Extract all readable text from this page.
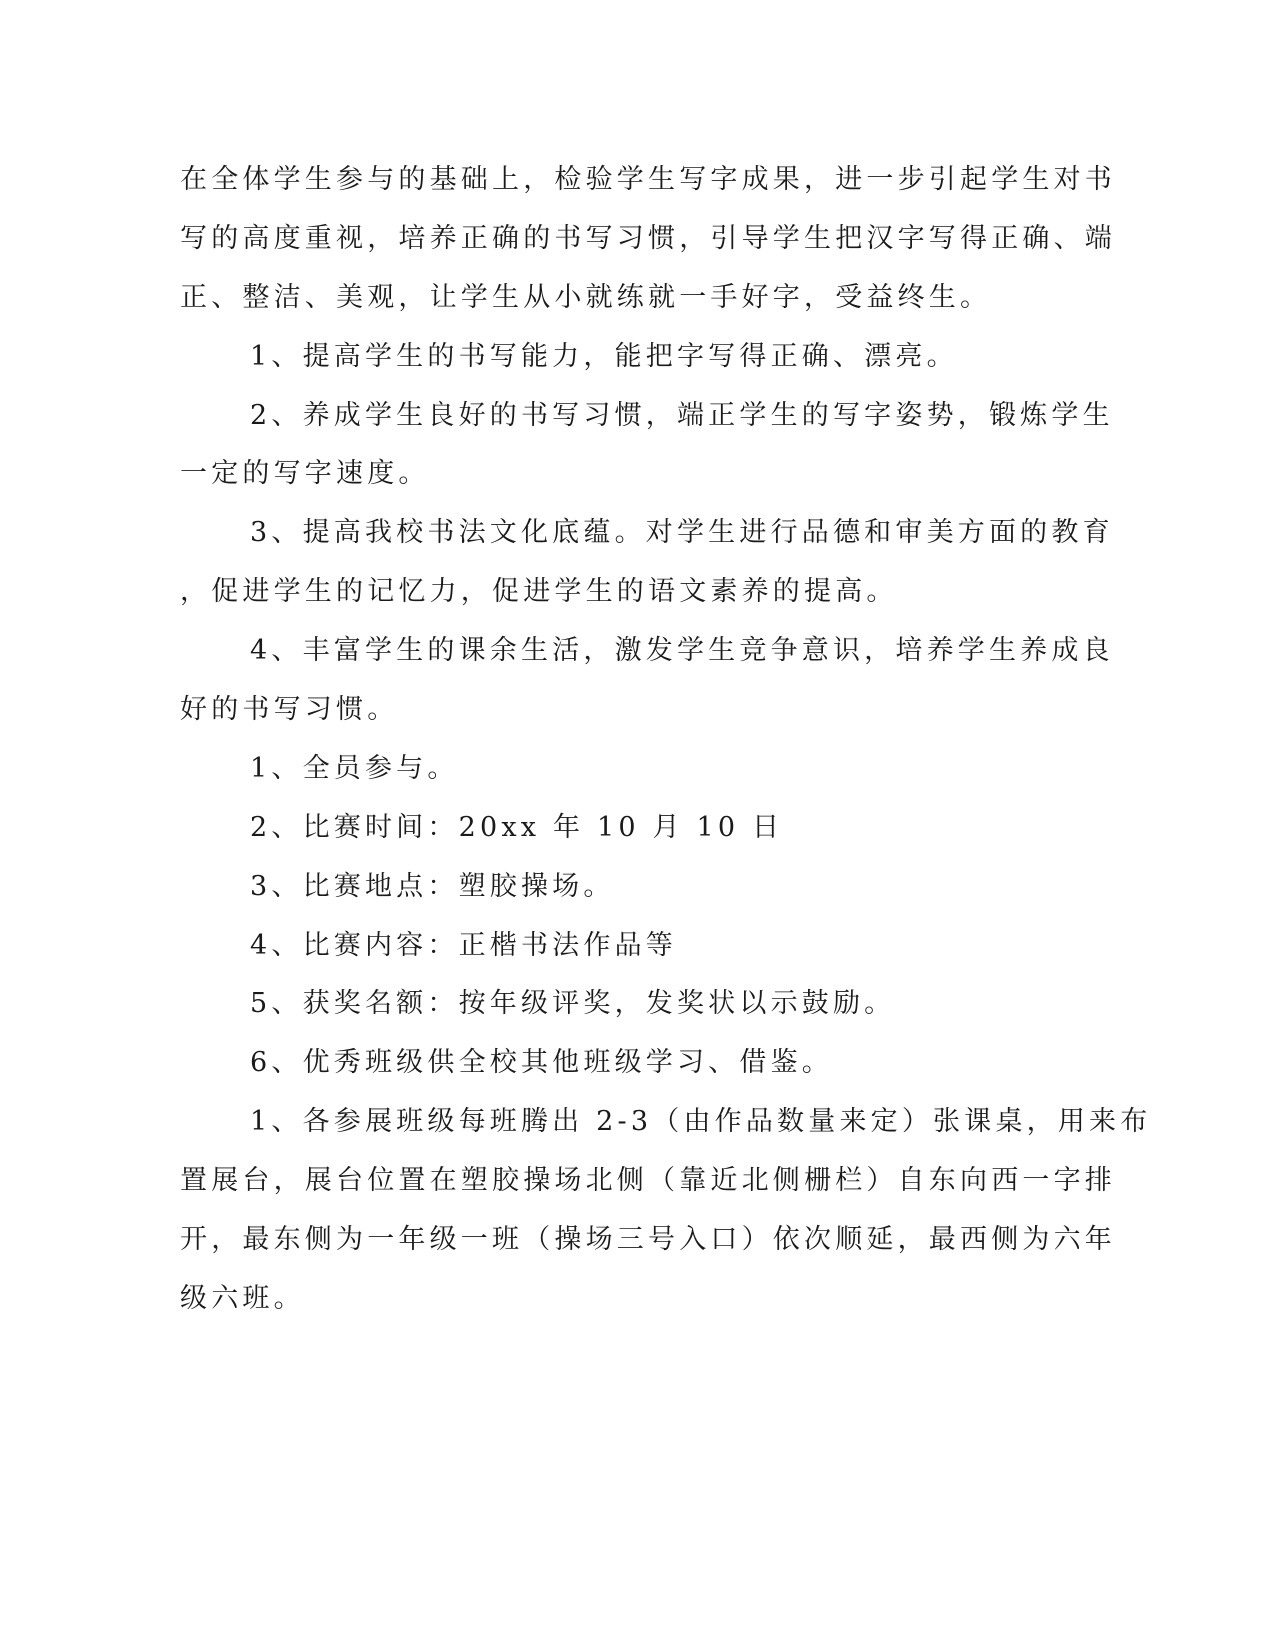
在全体学生参与的基础上，检验学生写字成果，进一步引起学生对书
写的高度重视，培养正确的书写习惯，引导学生把汉字写得正确、端
正、整洁、美观，让学生从小就练就一手好字，受益终生。
1、提高学生的书写能力，能把字写得正确、漂亮。
2、养成学生良好的书写习惯，端正学生的写字姿势，锻炼学生
一定的写字速度。
3、提高我校书法文化底蕴。对学生进行品德和审美方面的教育
，促进学生的记忆力，促进学生的语文素养的提高。
4、丰富学生的课余生活，激发学生竞争意识，培养学生养成良
好的书写习惯。
1、全员参与。
2、比赛时间：20xx 年 10 月 10 日
3、比赛地点：塑胶操场。
4、比赛内容：正楷书法作品等
5、获奖名额：按年级评奖，发奖状以示鼓励。
6、优秀班级供全校其他班级学习、借鉴。
1、各参展班级每班腾出 2-3（由作品数量来定）张课桌，用来布
置展台，展台位置在塑胶操场北侧（靠近北侧栅栏）自东向西一字排
开，最东侧为一年级一班（操场三号入口）依次顺延，最西侧为六年
级六班。
